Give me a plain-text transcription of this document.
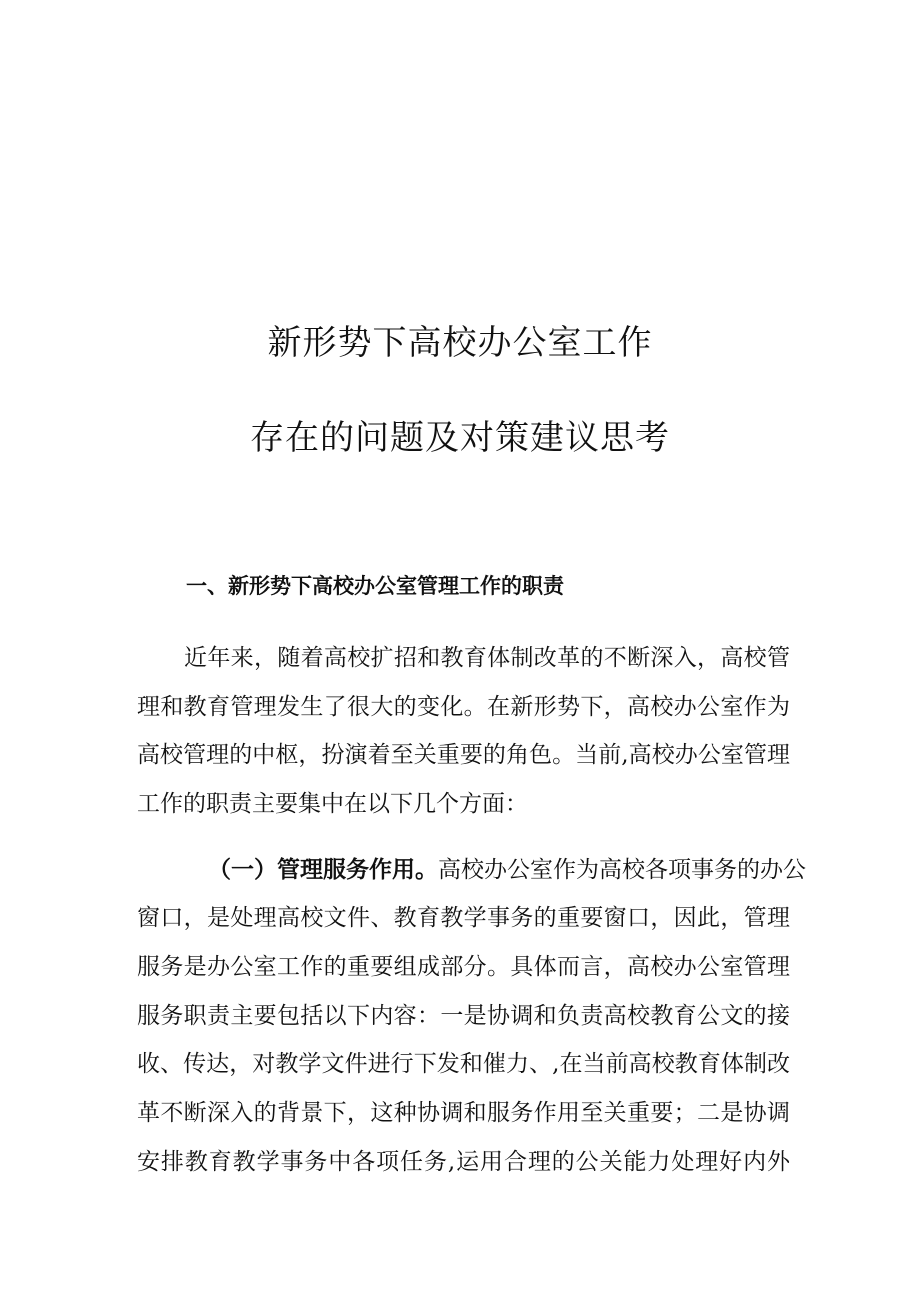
新形势下高校办公室工作
存在的问题及对策建议思考
一、新形势下高校办公室管理工作的职责

近年来，随着高校扩招和教育体制改革的不断深入，高校管

理和教育管理发生了很大的变化。在新形势下，高校办公室作为

高校管理的中枢，扮演着至关重要的角色。当前,高校办公室管理

工作的职责主要集中在以下几个方面：

（一）管理服务作用。高校办公室作为高校各项事务的办公

窗口，是处理高校文件、教育教学事务的重要窗口，因此，管理

服务是办公室工作的重要组成部分。具体而言，高校办公室管理

服务职责主要包括以下内容：一是协调和负责高校教育公文的接

收、传达，对教学文件进行下发和催力、,在当前高校教育体制改

革不断深入的背景下，这种协调和服务作用至关重要；二是协调

安排教育教学事务中各项任务,运用合理的公关能力处理好内外
